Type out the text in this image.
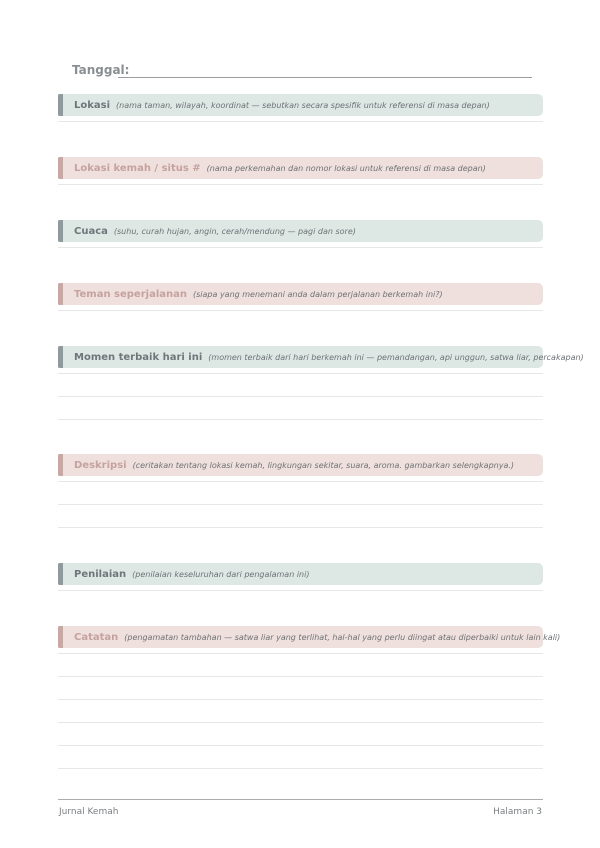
Tanggal:
Lokasi (nama taman, wilayah, koordinat — sebutkan secara spesifik untuk referensi di masa depan)
Lokasi kemah / situs # (nama perkemahan dan nomor lokasi untuk referensi di masa depan)
Cuaca (suhu, curah hujan, angin, cerah/mendung — pagi dan sore)
Teman seperjalanan (siapa yang menemani anda dalam perjalanan berkemah ini?)
Momen terbaik hari ini (momen terbaik dari hari berkemah ini — pemandangan, api unggun, satwa liar, percakapan)
Deskripsi (ceritakan tentang lokasi kemah, lingkungan sekitar, suara, aroma. gambarkan selengkapnya.)
Penilaian (penilaian keseluruhan dari pengalaman ini)
Catatan (pengamatan tambahan — satwa liar yang terlihat, hal-hal yang perlu diingat atau diperbaiki untuk lain kali)
Jurnal Kemah	Halaman 3
